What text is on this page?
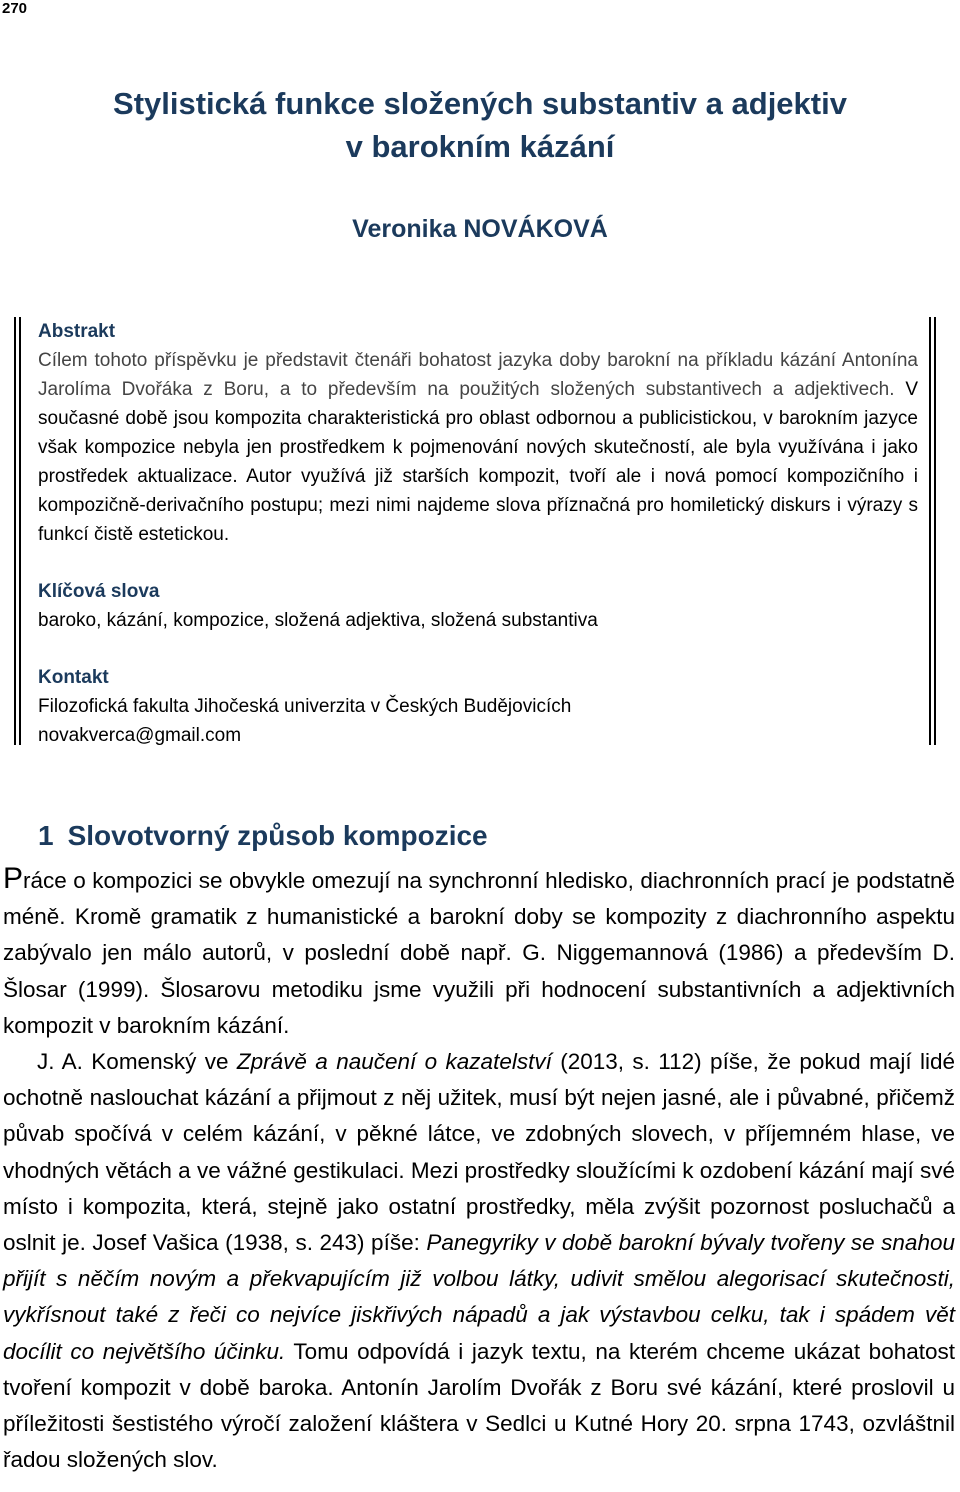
270
Stylistická funkce složených substantiv a adjektiv
v barokním kázání
Veronika NOVÁKOVÁ

Abstrakt

Cílem tohoto příspěvku je představit čtenáři bohatost jazyka doby barokní na příkladu kázání Antonína Jarolíma Dvořáka z Boru, a to především na použitých složených substantivech a adjektivech. V současné době jsou kompozita charakteristická pro oblast odbornou a publicistickou, v barokním jazyce však kompozice nebyla jen prostředkem k pojmenování nových skutečností, ale byla využívána i jako prostředek aktualizace. Autor využívá již starších kompozit, tvoří ale i nová pomocí kompozičního i kompozičně-derivačního postupu; mezi nimi najdeme slova příznačná pro homiletický diskurs i výrazy s funkcí čistě estetickou.

Klíčová slova

baroko, kázání, kompozice, složená adjektiva, složená substantiva

Kontakt

Filozofická fakulta Jihočeská univerzita v Českých Budějovicích

novakverca@gmail.com

1 Slovotvorný způsob kompozice

Práce o kompozici se obvykle omezují na synchronní hledisko, diachronních prací je podstatně méně. Kromě gramatik z humanistické a barokní doby se kompozity z diachronního aspektu zabývalo jen málo autorů, v poslední době např. G. Niggemannová (1986) a především D. Šlosar (1999). Šlosarovu metodiku jsme využili při hodnocení substantivních a adjektivních kompozit v barokním kázání.

J. A. Komenský ve Zprávě a naučení o kazatelství (2013, s. 112) píše, že pokud mají lidé ochotně naslouchat kázání a přijmout z něj užitek, musí být nejen jasné, ale i půvabné, přičemž půvab spočívá v celém kázání, v pěkné látce, ve zdobných slovech, v příjemném hlase, ve vhodných větách a ve vážné gestikulaci. Mezi prostředky sloužícími k ozdobení kázání mají své místo i kompozita, která, stejně jako ostatní prostředky, měla zvýšit pozornost posluchačů a oslnit je. Josef Vašica (1938, s. 243) píše: Panegyriky v době barokní bývaly tvořeny se snahou přijít s něčím novým a překvapujícím již volbou látky, udivit smělou alegorisací skutečnosti, vykřísnout také z řeči co nejvíce jiskřivých nápadů a jak výstavbou celku, tak i spádem vět docílit co největšího účinku. Tomu odpovídá i jazyk textu, na kterém chceme ukázat bohatost tvoření kompozit v době baroka. Antonín Jarolím Dvořák z Boru své kázání, které proslovil u příležitosti šestistého výročí založení kláštera v Sedlci u Kutné Hory 20. srpna 1743, ozvláštnil řadou složených slov.
